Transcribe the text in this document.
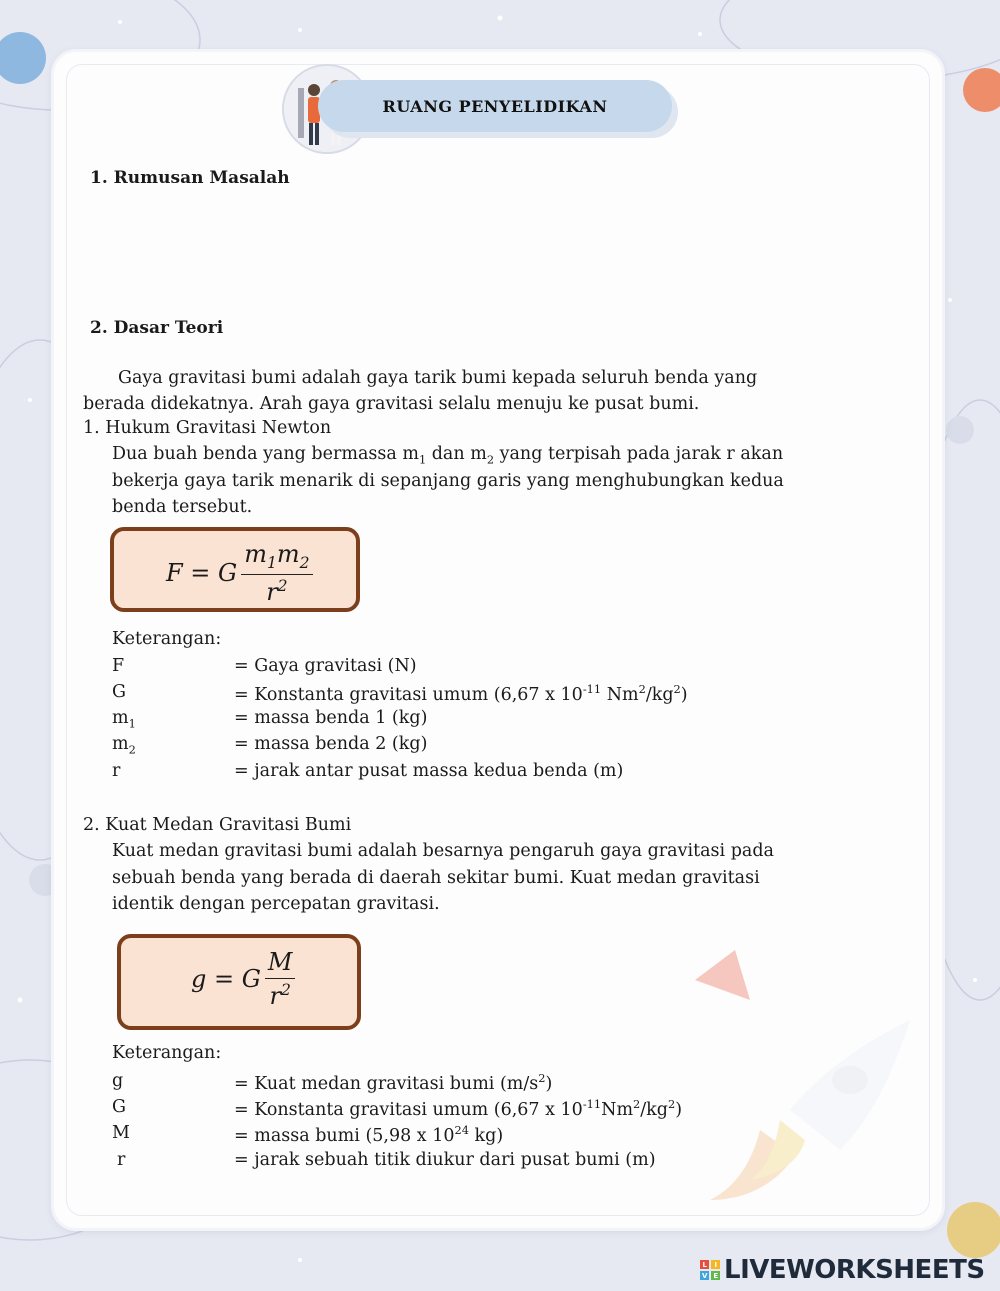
RUANG PENYELIDIKAN
1. Rumusan Masalah
2. Dasar Teori
Gaya gravitasi bumi adalah gaya tarik bumi kepada seluruh benda yang
berada didekatnya. Arah gaya gravitasi selalu menuju ke pusat bumi.
1. Hukum Gravitasi Newton
Dua buah benda yang bermassa $m_1$ dan $m_2$ yang terpisah pada jarak r akan
bekerja gaya tarik menarik di sepanjang garis yang menghubungkan kedua
benda tersebut.
F = G $\frac{m_1m_2}{r^2}$
Keterangan:
F	= Gaya gravitasi (N)
G	= Konstanta gravitasi umum (6,67 x $10^{-11}$ $Nm^2/kg^2$)
$m_1$	= massa benda 1 (kg)
$m_2$	= massa benda 2 (kg)
r	= jarak antar pusat massa kedua benda (m)
2. Kuat Medan Gravitasi Bumi
Kuat medan gravitasi bumi adalah besarnya pengaruh gaya gravitasi pada
sebuah benda yang berada di daerah sekitar bumi. Kuat medan gravitasi
identik dengan percepatan gravitasi.
g = G $\frac{M}{r^2}$
Keterangan:
g	= Kuat medan gravitasi bumi $(m/s^2)$
G	= Konstanta gravitasi umum (6,67 x $10^{-11}Nm^2/kg^2$)
M	= massa bumi (5,98 x $10^{24}$ kg)
r	= jarak sebuah titik diukur dari pusat bumi (m)
L	I
V E LIVEWORKSHEETS
